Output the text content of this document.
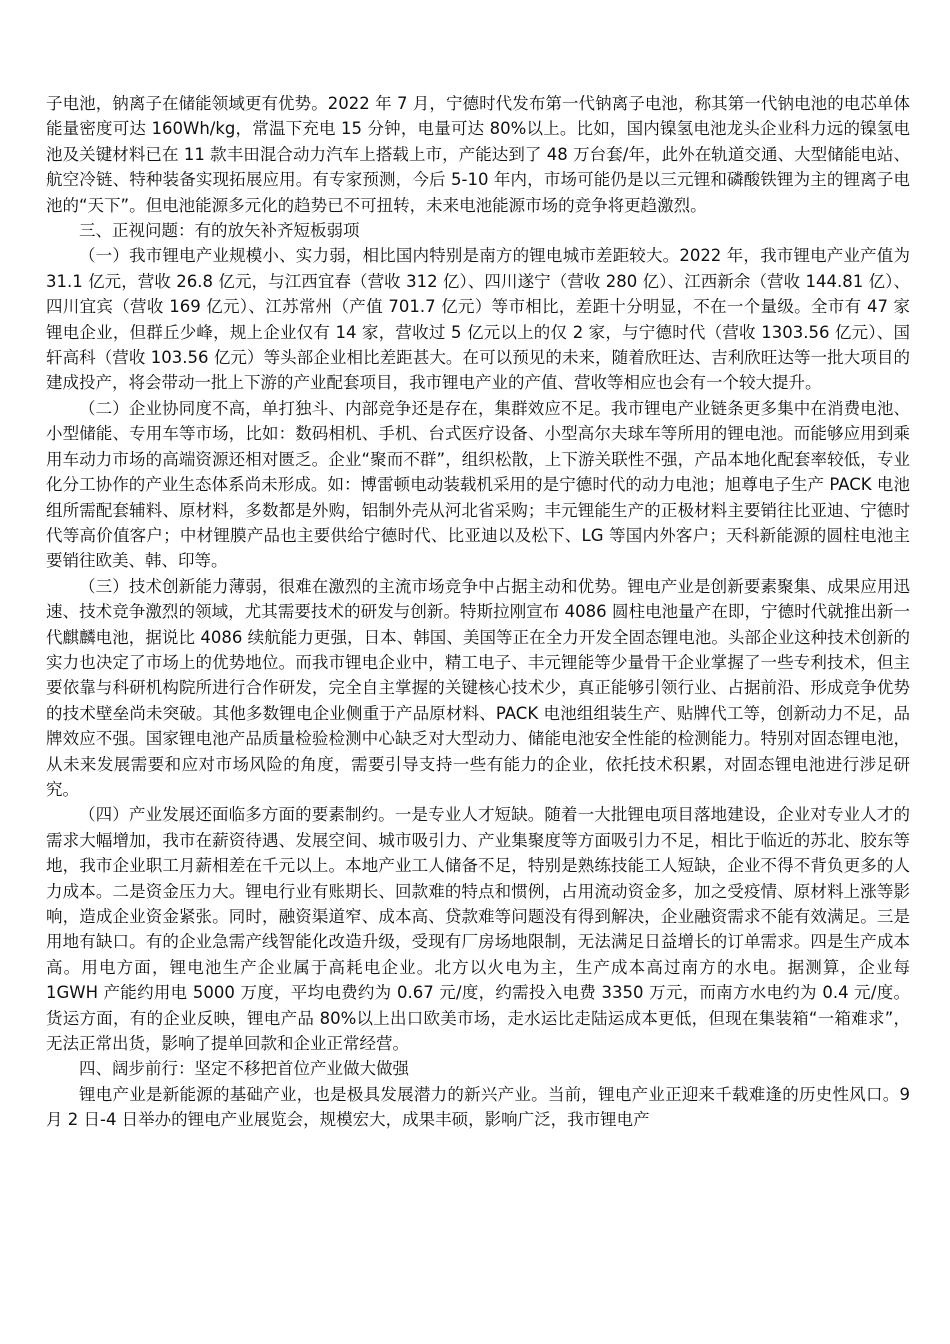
子电池，钠离子在储能领域更有优势。2022 年 7 月，宁德时代发布第一代钠离子电池，称其第一代钠电池的电芯单体能量密度可达 160Wh/kg，常温下充电 15 分钟，电量可达 80%以上。比如，国内镍氢电池龙头企业科力远的镍氢电池及关键材料已在 11 款丰田混合动力汽车上搭载上市，产能达到了 48 万台套/年，此外在轨道交通、大型储能电站、航空冷链、特种装备实现拓展应用。有专家预测，今后 5-10 年内，市场可能仍是以三元锂和磷酸铁锂为主的锂离子电池的“天下”。但电池能源多元化的趋势已不可扭转，未来电池能源市场的竞争将更趋激烈。

三、正视问题：有的放矢补齐短板弱项

（一）我市锂电产业规模小、实力弱，相比国内特别是南方的锂电城市差距较大。2022 年，我市锂电产业产值为 31.1 亿元，营收 26.8 亿元，与江西宜春（营收 312 亿）、四川遂宁（营收 280 亿）、江西新余（营收 144.81 亿）、四川宜宾（营收 169 亿元）、江苏常州（产值 701.7 亿元）等市相比，差距十分明显，不在一个量级。全市有 47 家锂电企业，但群丘少峰，规上企业仅有 14 家，营收过 5 亿元以上的仅 2 家，与宁德时代（营收 1303.56 亿元）、国轩高科（营收 103.56 亿元）等头部企业相比差距甚大。在可以预见的未来，随着欣旺达、吉利欣旺达等一批大项目的建成投产，将会带动一批上下游的产业配套项目，我市锂电产业的产值、营收等相应也会有一个较大提升。

（二）企业协同度不高，单打独斗、内部竞争还是存在，集群效应不足。我市锂电产业链条更多集中在消费电池、小型储能、专用车等市场，比如：数码相机、手机、台式医疗设备、小型高尔夫球车等所用的锂电池。而能够应用到乘用车动力市场的高端资源还相对匮乏。企业“聚而不群”，组织松散，上下游关联性不强，产品本地化配套率较低，专业化分工协作的产业生态体系尚未形成。如：博雷顿电动装载机采用的是宁德时代的动力电池；旭尊电子生产 PACK 电池组所需配套辅料、原材料，多数都是外购，铝制外壳从河北省采购；丰元锂能生产的正极材料主要销往比亚迪、宁德时代等高价值客户；中材锂膜产品也主要供给宁德时代、比亚迪以及松下、LG 等国内外客户；天科新能源的圆柱电池主要销往欧美、韩、印等。

（三）技术创新能力薄弱，很难在激烈的主流市场竞争中占据主动和优势。锂电产业是创新要素聚集、成果应用迅速、技术竞争激烈的领域，尤其需要技术的研发与创新。特斯拉刚宣布 4086 圆柱电池量产在即，宁德时代就推出新一代麒麟电池，据说比 4086 续航能力更强，日本、韩国、美国等正在全力开发全固态锂电池。头部企业这种技术创新的实力也决定了市场上的优势地位。而我市锂电企业中，精工电子、丰元锂能等少量骨干企业掌握了一些专利技术，但主要依靠与科研机构院所进行合作研发，完全自主掌握的关键核心技术少，真正能够引领行业、占据前沿、形成竞争优势的技术壁垒尚未突破。其他多数锂电企业侧重于产品原材料、PACK 电池组组装生产、贴牌代工等，创新动力不足，品牌效应不强。国家锂电池产品质量检验检测中心缺乏对大型动力、储能电池安全性能的检测能力。特别对固态锂电池，从未来发展需要和应对市场风险的角度，需要引导支持一些有能力的企业，依托技术积累，对固态锂电池进行涉足研究。

（四）产业发展还面临多方面的要素制约。一是专业人才短缺。随着一大批锂电项目落地建设，企业对专业人才的需求大幅增加，我市在薪资待遇、发展空间、城市吸引力、产业集聚度等方面吸引力不足，相比于临近的苏北、胶东等地，我市企业职工月薪相差在千元以上。本地产业工人储备不足，特别是熟练技能工人短缺，企业不得不背负更多的人力成本。二是资金压力大。锂电行业有账期长、回款难的特点和惯例，占用流动资金多，加之受疫情、原材料上涨等影响，造成企业资金紧张。同时，融资渠道窄、成本高、贷款难等问题没有得到解决，企业融资需求不能有效满足。三是用地有缺口。有的企业急需产线智能化改造升级，受现有厂房场地限制，无法满足日益增长的订单需求。四是生产成本高。用电方面，锂电池生产企业属于高耗电企业。北方以火电为主，生产成本高过南方的水电。据测算，企业每 1GWH 产能约用电 5000 万度，平均电费约为 0.67 元/度，约需投入电费 3350 万元，而南方水电约为 0.4 元/度。货运方面，有的企业反映，锂电产品 80%以上出口欧美市场，走水运比走陆运成本更低，但现在集装箱“一箱难求”，无法正常出货，影响了提单回款和企业正常经营。

四、阔步前行：坚定不移把首位产业做大做强

锂电产业是新能源的基础产业，也是极具发展潜力的新兴产业。当前，锂电产业正迎来千载难逢的历史性风口。9 月 2 日-4 日举办的锂电产业展览会，规模宏大，成果丰硕，影响广泛，我市锂电产
